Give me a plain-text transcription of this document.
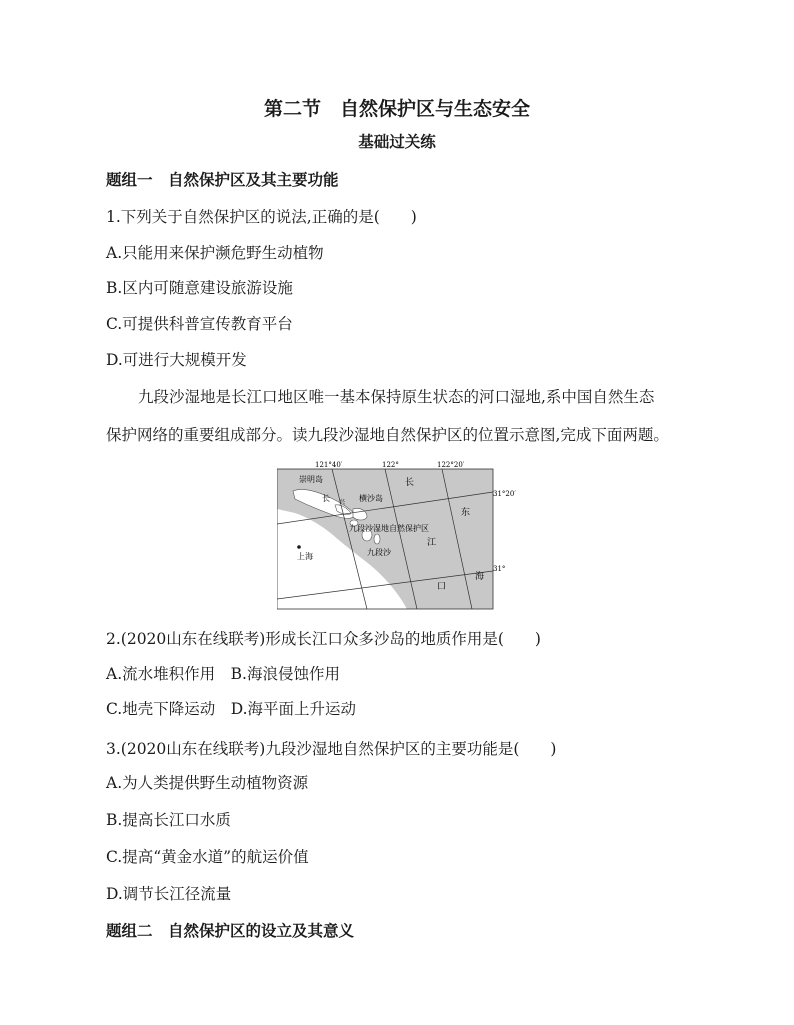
第二节　自然保护区与生态安全
基础过关练
题组一　自然保护区及其主要功能
1.下列关于自然保护区的说法,正确的是(　　)
A.只能用来保护濒危野生动植物
B.区内可随意建设旅游设施
C.可提供科普宣传教育平台
D.可进行大规模开发
九段沙湿地是长江口地区唯一基本保持原生状态的河口湿地,系中国自然生态
保护网络的重要组成部分。读九段沙湿地自然保护区的位置示意图,完成下面两题。
121°40′	122°	122°20′
31°20′
31°
崇明岛
横沙岛
九段沙湿地自然保护区
九段沙
上海
长 兴
长
江
口
东
海
2.(2020山东在线联考)形成长江口众多沙岛的地质作用是(　　)
A.流水堆积作用　B.海浪侵蚀作用
C.地壳下降运动　D.海平面上升运动
3.(2020山东在线联考)九段沙湿地自然保护区的主要功能是(　　)
A.为人类提供野生动植物资源
B.提高长江口水质
C.提高“黄金水道”的航运价值
D.调节长江径流量
题组二　自然保护区的设立及其意义
